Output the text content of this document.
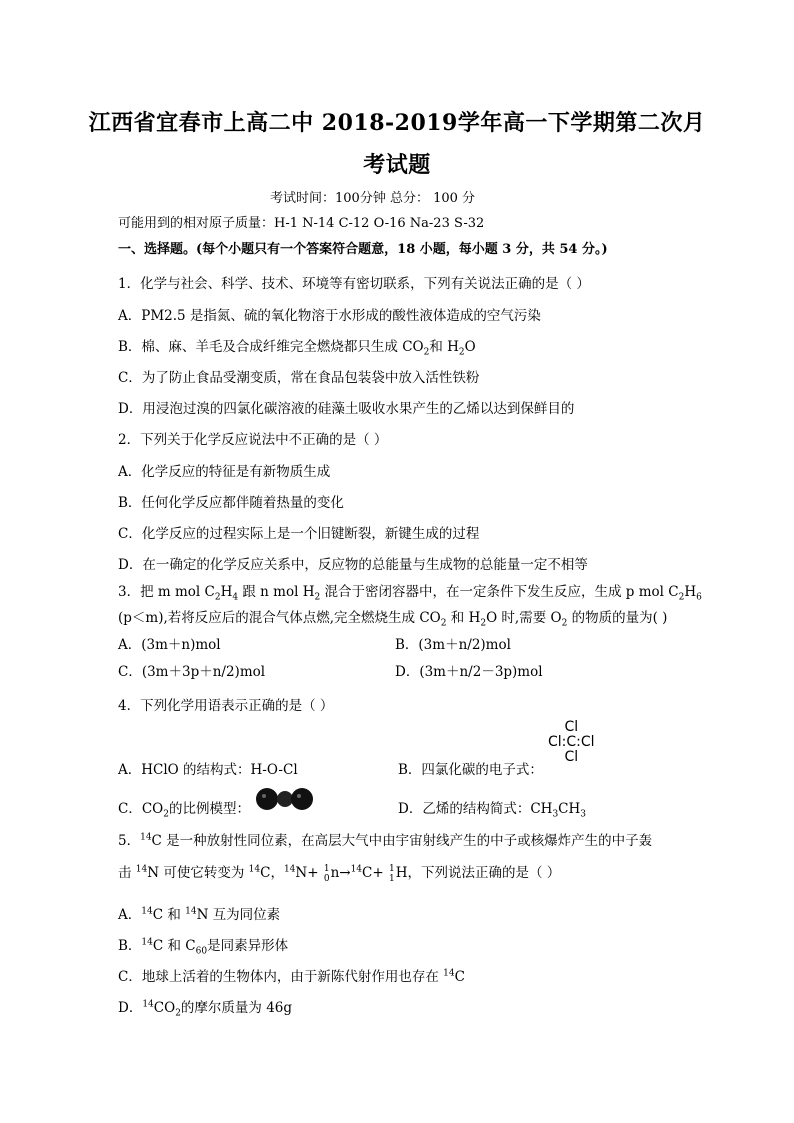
江西省宜春市上高二中 2018-2019学年高一下学期第二次月
考试题
考试时间：100分钟 总分： 100 分
可能用到的相对原子质量：H-1 N-14 C-12 O-16 Na-23 S-32
一、选择题。(每个小题只有一个答案符合题意，18 小题，每小题 3 分，共 54 分。)
1．化学与社会、科学、技术、环境等有密切联系，下列有关说法正确的是（ ）
A．PM2.5 是指氮、硫的氧化物溶于水形成的酸性液体造成的空气污染
B．棉、麻、羊毛及合成纤维完全燃烧都只生成 $CO_2$和 $H_2O$
C．为了防止食品受潮变质，常在食品包装袋中放入活性铁粉
D．用浸泡过溴的四氯化碳溶液的硅藻土吸收水果产生的乙烯以达到保鲜目的
2．下列关于化学反应说法中不正确的是（ ）
A．化学反应的特征是有新物质生成
B．任何化学反应都伴随着热量的变化
C．化学反应的过程实际上是一个旧键断裂，新键生成的过程
D．在一确定的化学反应关系中，反应物的总能量与生成物的总能量一定不相等
3．把 m mol $C_2H_4$ 跟 n mol $H_2$ 混合于密闭容器中，在一定条件下发生反应，生成 p mol $C_2H_6$
(p＜m),若将反应后的混合气体点燃,完全燃烧生成 $CO_2$ 和 $H_2O$ 时,需要 $O_2$ 的物质的量为( )
A．(3m＋n)mol	B．(3m＋n/2)mol
C．(3m＋3p＋n/2)mol	D．(3m＋n/2－3p)mol
4．下列化学用语表示正确的是（ ）
A．HClO 的结构式：H-O-Cl	B．四氯化碳的电子式：
Cl
Cl:C:Cl
Cl
C．$CO_2$的比例模型：	D．乙烯的结构简式：$CH_3CH_3$
5．$^{14}$C 是一种放射性同位素，在高层大气中由宇宙射线产生的中子或核爆炸产生的中子轰
击 $^{14}$N 可使它转变为 $^{14}$C，$^{14}$N+ 1
0n→$^{14}$C+ 1
1H，下列说法正确的是（ ）
A．$^{14}$C 和 $^{14}$N 互为同位素
B．$^{14}$C 和 $C_{60}$是同素异形体
C．地球上活着的生物体内，由于新陈代射作用也存在 $^{14}$C
D．$^{14}CO_2$的摩尔质量为 46g
